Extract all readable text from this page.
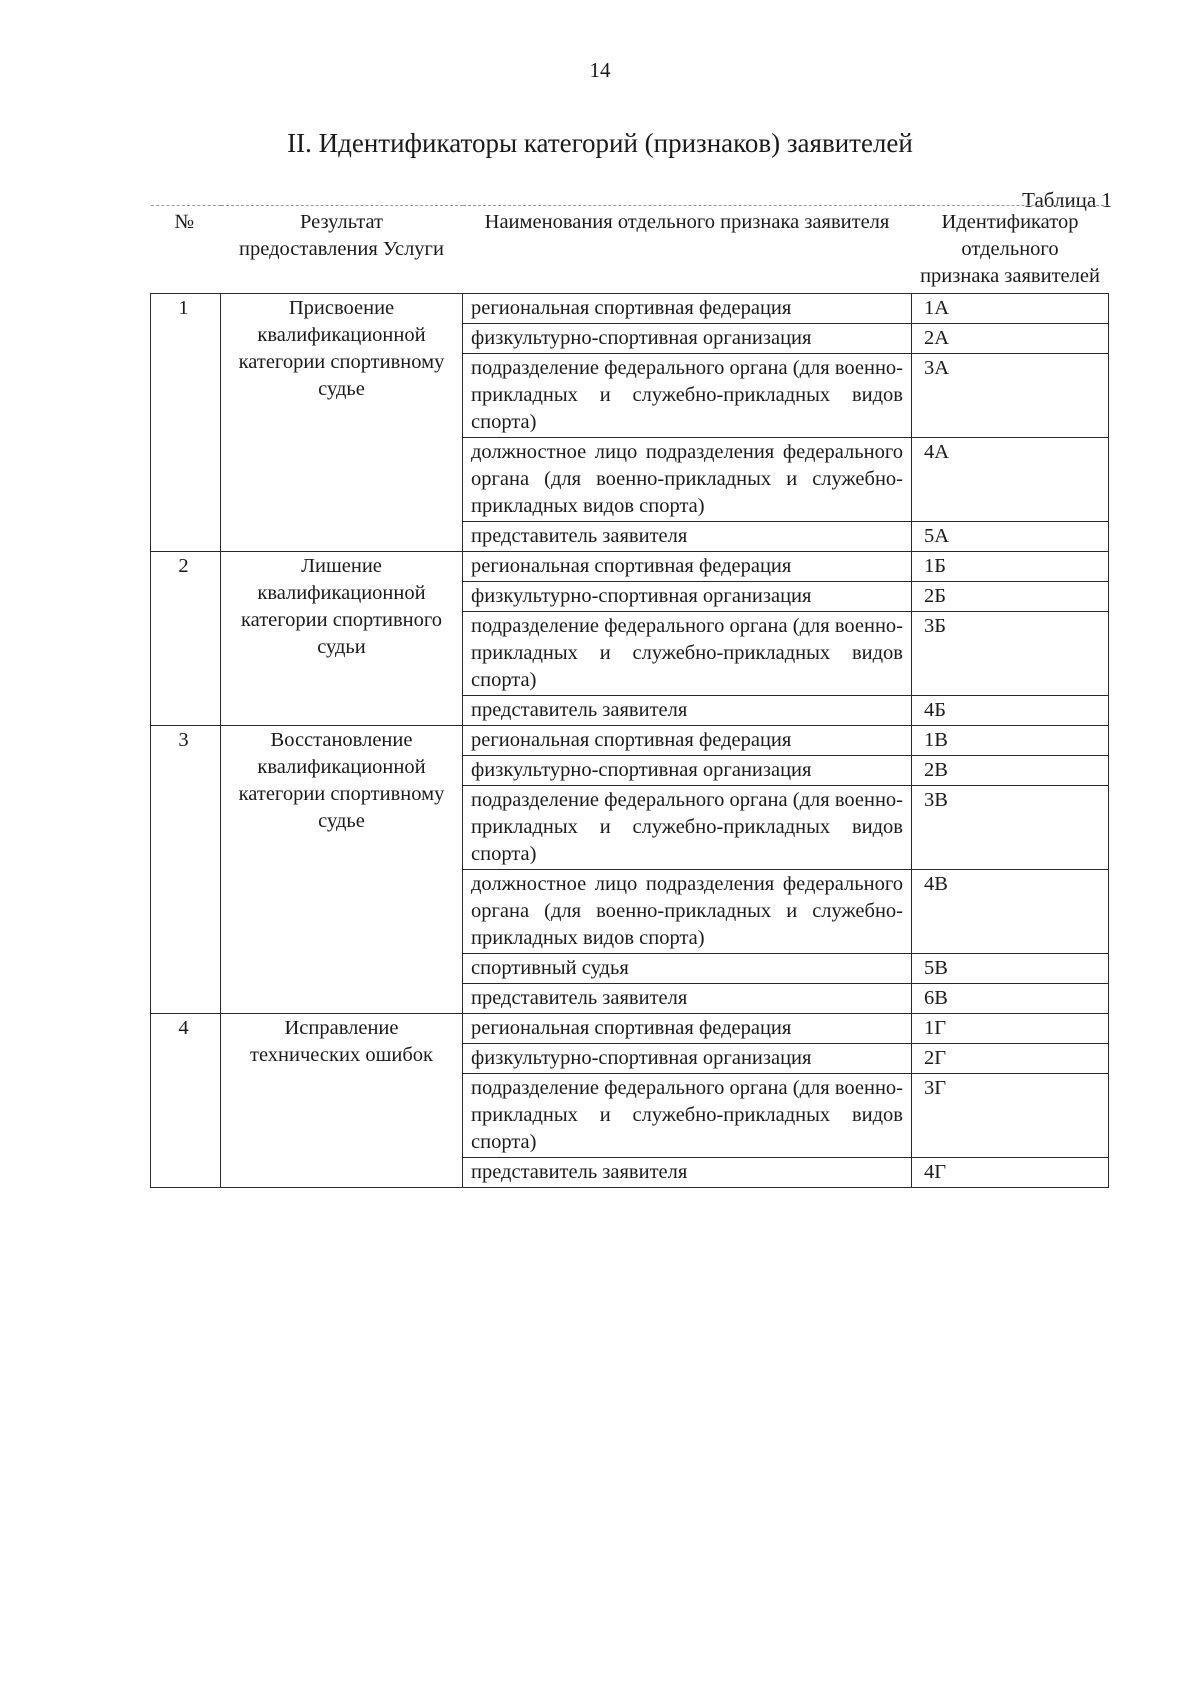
14
II. Идентификаторы категорий (признаков) заявителей
Таблица 1
№	Результат предоставления Услуги	Наименования отдельного признака заявителя	Идентификатор отдельного признака заявителей
1	Присвоение квалификационной категории спортивному судье	региональная спортивная федерация	1А
		физкультурно-спортивная организация	2А
		подразделение федерального органа (для военно-прикладных и служебно-прикладных видов спорта)	3А
		должностное лицо подразделения федерального органа (для военно-прикладных и служебно-прикладных видов спорта)	4А
		представитель заявителя	5А
2	Лишение квалификационной категории спортивного судьи	региональная спортивная федерация	1Б
		физкультурно-спортивная организация	2Б
		подразделение федерального органа (для военно-прикладных и служебно-прикладных видов спорта)	3Б
		представитель заявителя	4Б
3	Восстановление квалификационной категории спортивному судье	региональная спортивная федерация	1В
		физкультурно-спортивная организация	2В
		подразделение федерального органа (для военно-прикладных и служебно-прикладных видов спорта)	3В
		должностное лицо подразделения федерального органа (для военно-прикладных и служебно-прикладных видов спорта)	4В
		спортивный судья	5В
		представитель заявителя	6В
4	Исправление технических ошибок	региональная спортивная федерация	1Г
		физкультурно-спортивная организация	2Г
		подразделение федерального органа (для военно-прикладных и служебно-прикладных видов спорта)	3Г
		представитель заявителя	4Г
